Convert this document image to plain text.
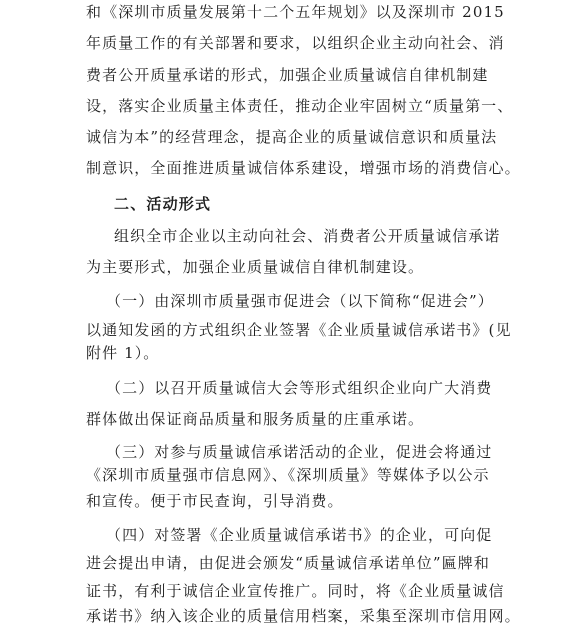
和《深圳市质量发展第十二个五年规划》以及深圳市 2015
年质量工作的有关部署和要求，以组织企业主动向社会、消
费者公开质量承诺的形式，加强企业质量诚信自律机制建
设，落实企业质量主体责任，推动企业牢固树立“质量第一、
诚信为本”的经营理念，提高企业的质量诚信意识和质量法
制意识，全面推进质量诚信体系建设，增强市场的消费信心。
二、活动形式
组织全市企业以主动向社会、消费者公开质量诚信承诺
为主要形式，加强企业质量诚信自律机制建设。
（一）由深圳市质量强市促进会（以下简称“促进会”）
以通知发函的方式组织企业签署《企业质量诚信承诺书》(见
附件 1）。
（二）以召开质量诚信大会等形式组织企业向广大消费
群体做出保证商品质量和服务质量的庄重承诺。
（三）对参与质量诚信承诺活动的企业，促进会将通过
《深圳市质量强市信息网》、《深圳质量》等媒体予以公示
和宣传。便于市民查询，引导消费。
（四）对签署《企业质量诚信承诺书》的企业，可向促
进会提出申请，由促进会颁发“质量诚信承诺单位”匾牌和
证书，有利于诚信企业宣传推广。同时，将《企业质量诚信
承诺书》纳入该企业的质量信用档案，采集至深圳市信用网。
